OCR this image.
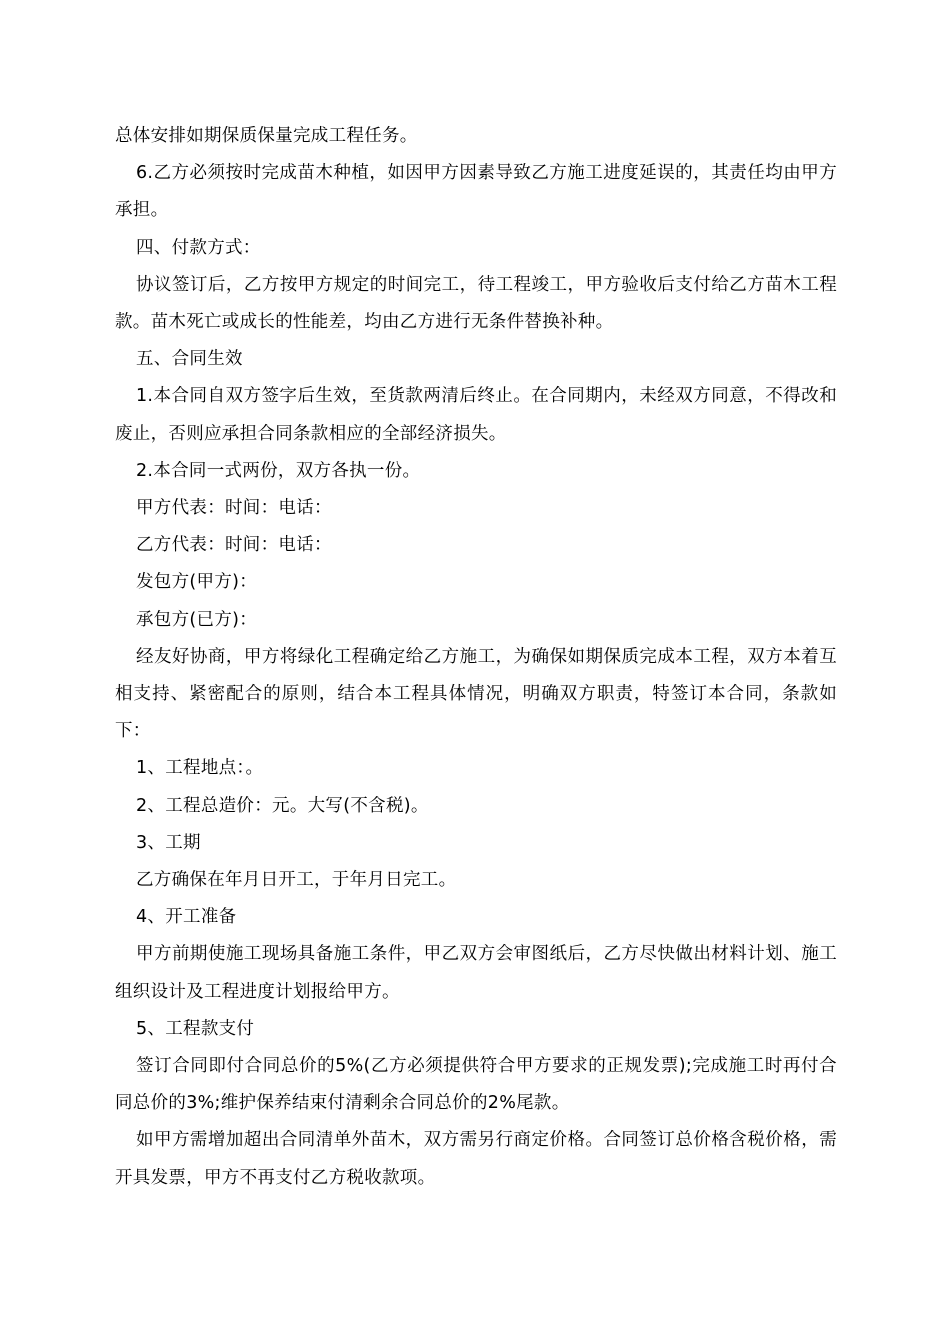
总体安排如期保质保量完成工程任务。

6.乙方必须按时完成苗木种植，如因甲方因素导致乙方施工进度延误的，其责任均由甲方承担。

四、付款方式：

协议签订后，乙方按甲方规定的时间完工，待工程竣工，甲方验收后支付给乙方苗木工程款。苗木死亡或成长的性能差，均由乙方进行无条件替换补种。

五、合同生效

1.本合同自双方签字后生效，至货款两清后终止。在合同期内，未经双方同意，不得改和废止，否则应承担合同条款相应的全部经济损失。

2.本合同一式两份，双方各执一份。

甲方代表：时间：电话：

乙方代表：时间：电话：

发包方(甲方)：

承包方(已方)：

经友好协商，甲方将绿化工程确定给乙方施工，为确保如期保质完成本工程，双方本着互相支持、紧密配合的原则，结合本工程具体情况，明确双方职责，特签订本合同，条款如下：

1、工程地点：。

2、工程总造价：元。大写(不含税)。

3、工期

乙方确保在年月日开工，于年月日完工。

4、开工准备

甲方前期使施工现场具备施工条件，甲乙双方会审图纸后，乙方尽快做出材料计划、施工组织设计及工程进度计划报给甲方。

5、工程款支付

签订合同即付合同总价的5%(乙方必须提供符合甲方要求的正规发票);完成施工时再付合同总价的3%;维护保养结束付清剩余合同总价的2%尾款。

如甲方需增加超出合同清单外苗木，双方需另行商定价格。合同签订总价格含税价格，需开具发票，甲方不再支付乙方税收款项。
